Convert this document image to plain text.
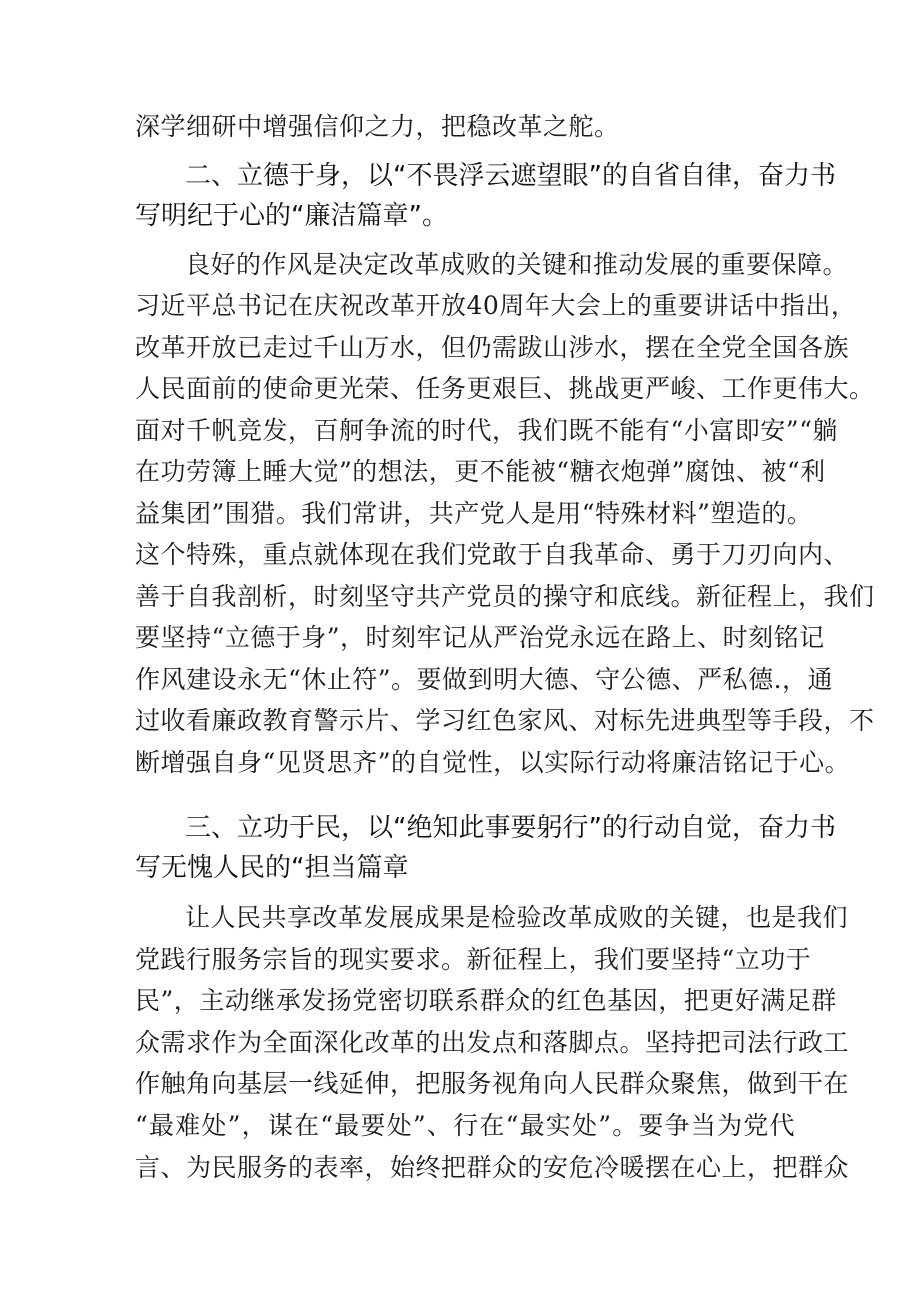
深学细研中增强信仰之力，把稳改革之舵。
二、立德于身，以“不畏浮云遮望眼”的自省自律，奋力书
写明纪于心的“廉洁篇章”。
良好的作风是决定改革成败的关键和推动发展的重要保障。
习近平总书记在庆祝改革开放40周年大会上的重要讲话中指出，
改革开放已走过千山万水，但仍需跋山涉水，摆在全党全国各族
人民面前的使命更光荣、任务更艰巨、挑战更严峻、工作更伟大。
面对千帆竞发，百舸争流的时代，我们既不能有“小富即安”“躺
在功劳簿上睡大觉”的想法，更不能被“糖衣炮弹”腐蚀、被“利
益集团”围猎。我们常讲，共产党人是用“特殊材料”塑造的。
这个特殊，重点就体现在我们党敢于自我革命、勇于刀刃向内、
善于自我剖析，时刻坚守共产党员的操守和底线。新征程上，我们
要坚持“立德于身”，时刻牢记从严治党永远在路上、时刻铭记
作风建设永无“休止符”。要做到明大德、守公德、严私德.，通
过收看廉政教育警示片、学习红色家风、对标先进典型等手段，不
断增强自身“见贤思齐”的自觉性，以实际行动将廉洁铭记于心。
三、立功于民，以“绝知此事要躬行”的行动自觉，奋力书
写无愧人民的“担当篇章
让人民共享改革发展成果是检验改革成败的关键，也是我们
党践行服务宗旨的现实要求。新征程上，我们要坚持“立功于
民”，主动继承发扬党密切联系群众的红色基因，把更好满足群
众需求作为全面深化改革的出发点和落脚点。坚持把司法行政工
作触角向基层一线延伸，把服务视角向人民群众聚焦，做到干在
“最难处”，谋在“最要处”、行在“最实处”。要争当为党代
言、为民服务的表率，始终把群众的安危冷暖摆在心上，把群众
